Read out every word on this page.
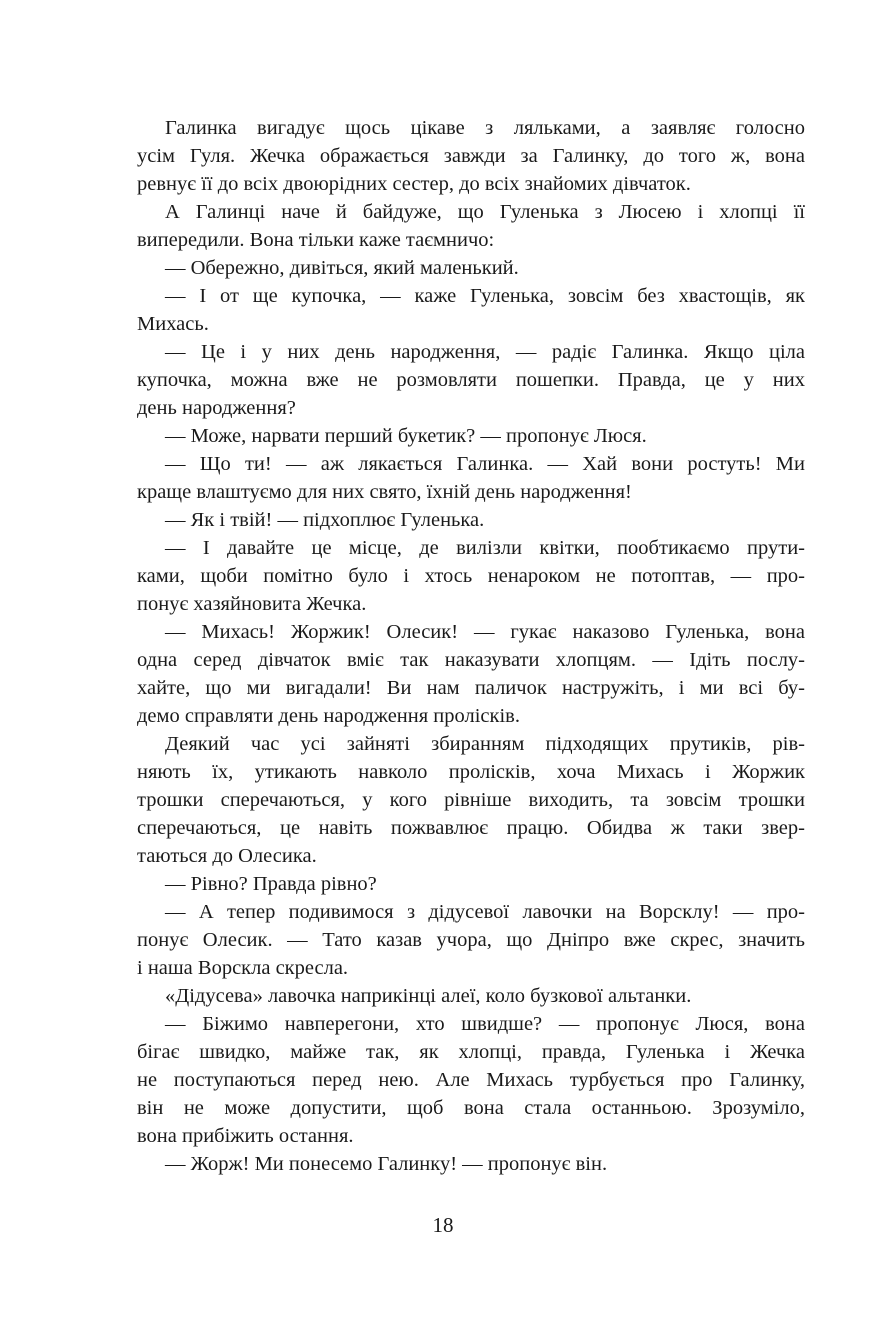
Галинка вигадує щось цікаве з ляльками, а заявляє голосно
усім Гуля. Жечка ображається завжди за Галинку, до того ж, вона
ревнує її до всіх двоюрідних сестер, до всіх знайомих дівчаток.
А Галинці наче й байдуже, що Гуленька з Люсею і хлопці її
випередили. Вона тільки каже таємничо:
— Обережно, дивіться, який маленький.
— І от ще купочка, — каже Гуленька, зовсім без хвастощів, як
Михась.
— Це і у них день народження, — радіє Галинка. Якщо ціла
купочка, можна вже не розмовляти пошепки. Правда, це у них
день народження?
— Може, нарвати перший букетик? — пропонує Люся.
— Що ти! — аж лякається Галинка. — Хай вони ростуть! Ми
краще влаштуємо для них свято, їхній день народження!
— Як і твій! — підхоплює Гуленька.
— І давайте це місце, де вилізли квітки, пообтикаємо прути-
ками, щоби помітно було і хтось ненароком не потоптав, — про-
понує хазяйновита Жечка.
— Михась! Жоржик! Олесик! — гукає наказово Гуленька, вона
одна серед дівчаток вміє так наказувати хлопцям. — Ідіть послу-
хайте, що ми вигадали! Ви нам паличок настружіть, і ми всі бу-
демо справляти день народження пролісків.
Деякий час усі зайняті збиранням підходящих прутиків, рів-
няють їх, утикають навколо пролісків, хоча Михась і Жоржик
трошки сперечаються, у кого рівніше виходить, та зовсім трошки
сперечаються, це навіть пожвавлює працю. Обидва ж таки звер-
таються до Олесика.
— Рівно? Правда рівно?
— А тепер подивимося з дідусевої лавочки на Ворсклу! — про-
понує Олесик. — Тато казав учора, що Дніпро вже скрес, значить
і наша Ворскла скресла.
«Дідусева» лавочка наприкінці алеї, коло бузкової альтанки.
— Біжимо навперегони, хто швидше? — пропонує Люся, вона
бігає швидко, майже так, як хлопці, правда, Гуленька і Жечка
не поступаються перед нею. Але Михась турбується про Галинку,
він не може допустити, щоб вона стала останньою. Зрозуміло,
вона прибіжить остання.
— Жорж! Ми понесемо Галинку! — пропонує він.
18
